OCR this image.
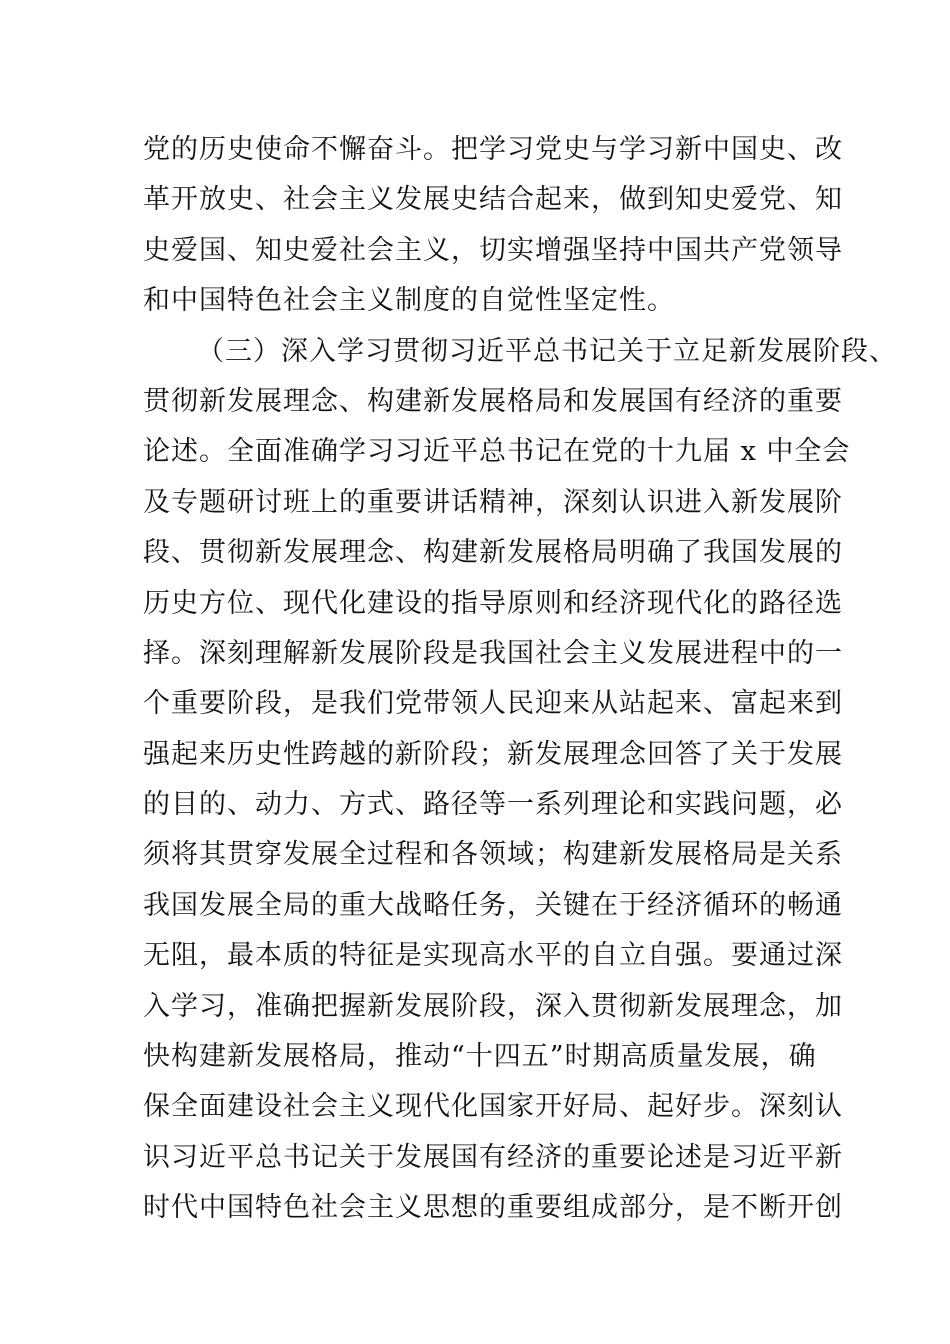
党的历史使命不懈奋斗。把学习党史与学习新中国史、改
革开放史、社会主义发展史结合起来，做到知史爱党、知
史爱国、知史爱社会主义，切实增强坚持中国共产党领导
和中国特色社会主义制度的自觉性坚定性。
（三）深入学习贯彻习近平总书记关于立足新发展阶段、
贯彻新发展理念、构建新发展格局和发展国有经济的重要
论述。全面准确学习习近平总书记在党的十九届 x 中全会
及专题研讨班上的重要讲话精神，深刻认识进入新发展阶
段、贯彻新发展理念、构建新发展格局明确了我国发展的
历史方位、现代化建设的指导原则和经济现代化的路径选
择。深刻理解新发展阶段是我国社会主义发展进程中的一
个重要阶段，是我们党带领人民迎来从站起来、富起来到
强起来历史性跨越的新阶段；新发展理念回答了关于发展
的目的、动力、方式、路径等一系列理论和实践问题，必
须将其贯穿发展全过程和各领域；构建新发展格局是关系
我国发展全局的重大战略任务，关键在于经济循环的畅通
无阻，最本质的特征是实现高水平的自立自强。要通过深
入学习，准确把握新发展阶段，深入贯彻新发展理念，加
快构建新发展格局，推动“十四五”时期高质量发展，确
保全面建设社会主义现代化国家开好局、起好步。深刻认
识习近平总书记关于发展国有经济的重要论述是习近平新
时代中国特色社会主义思想的重要组成部分，是不断开创
